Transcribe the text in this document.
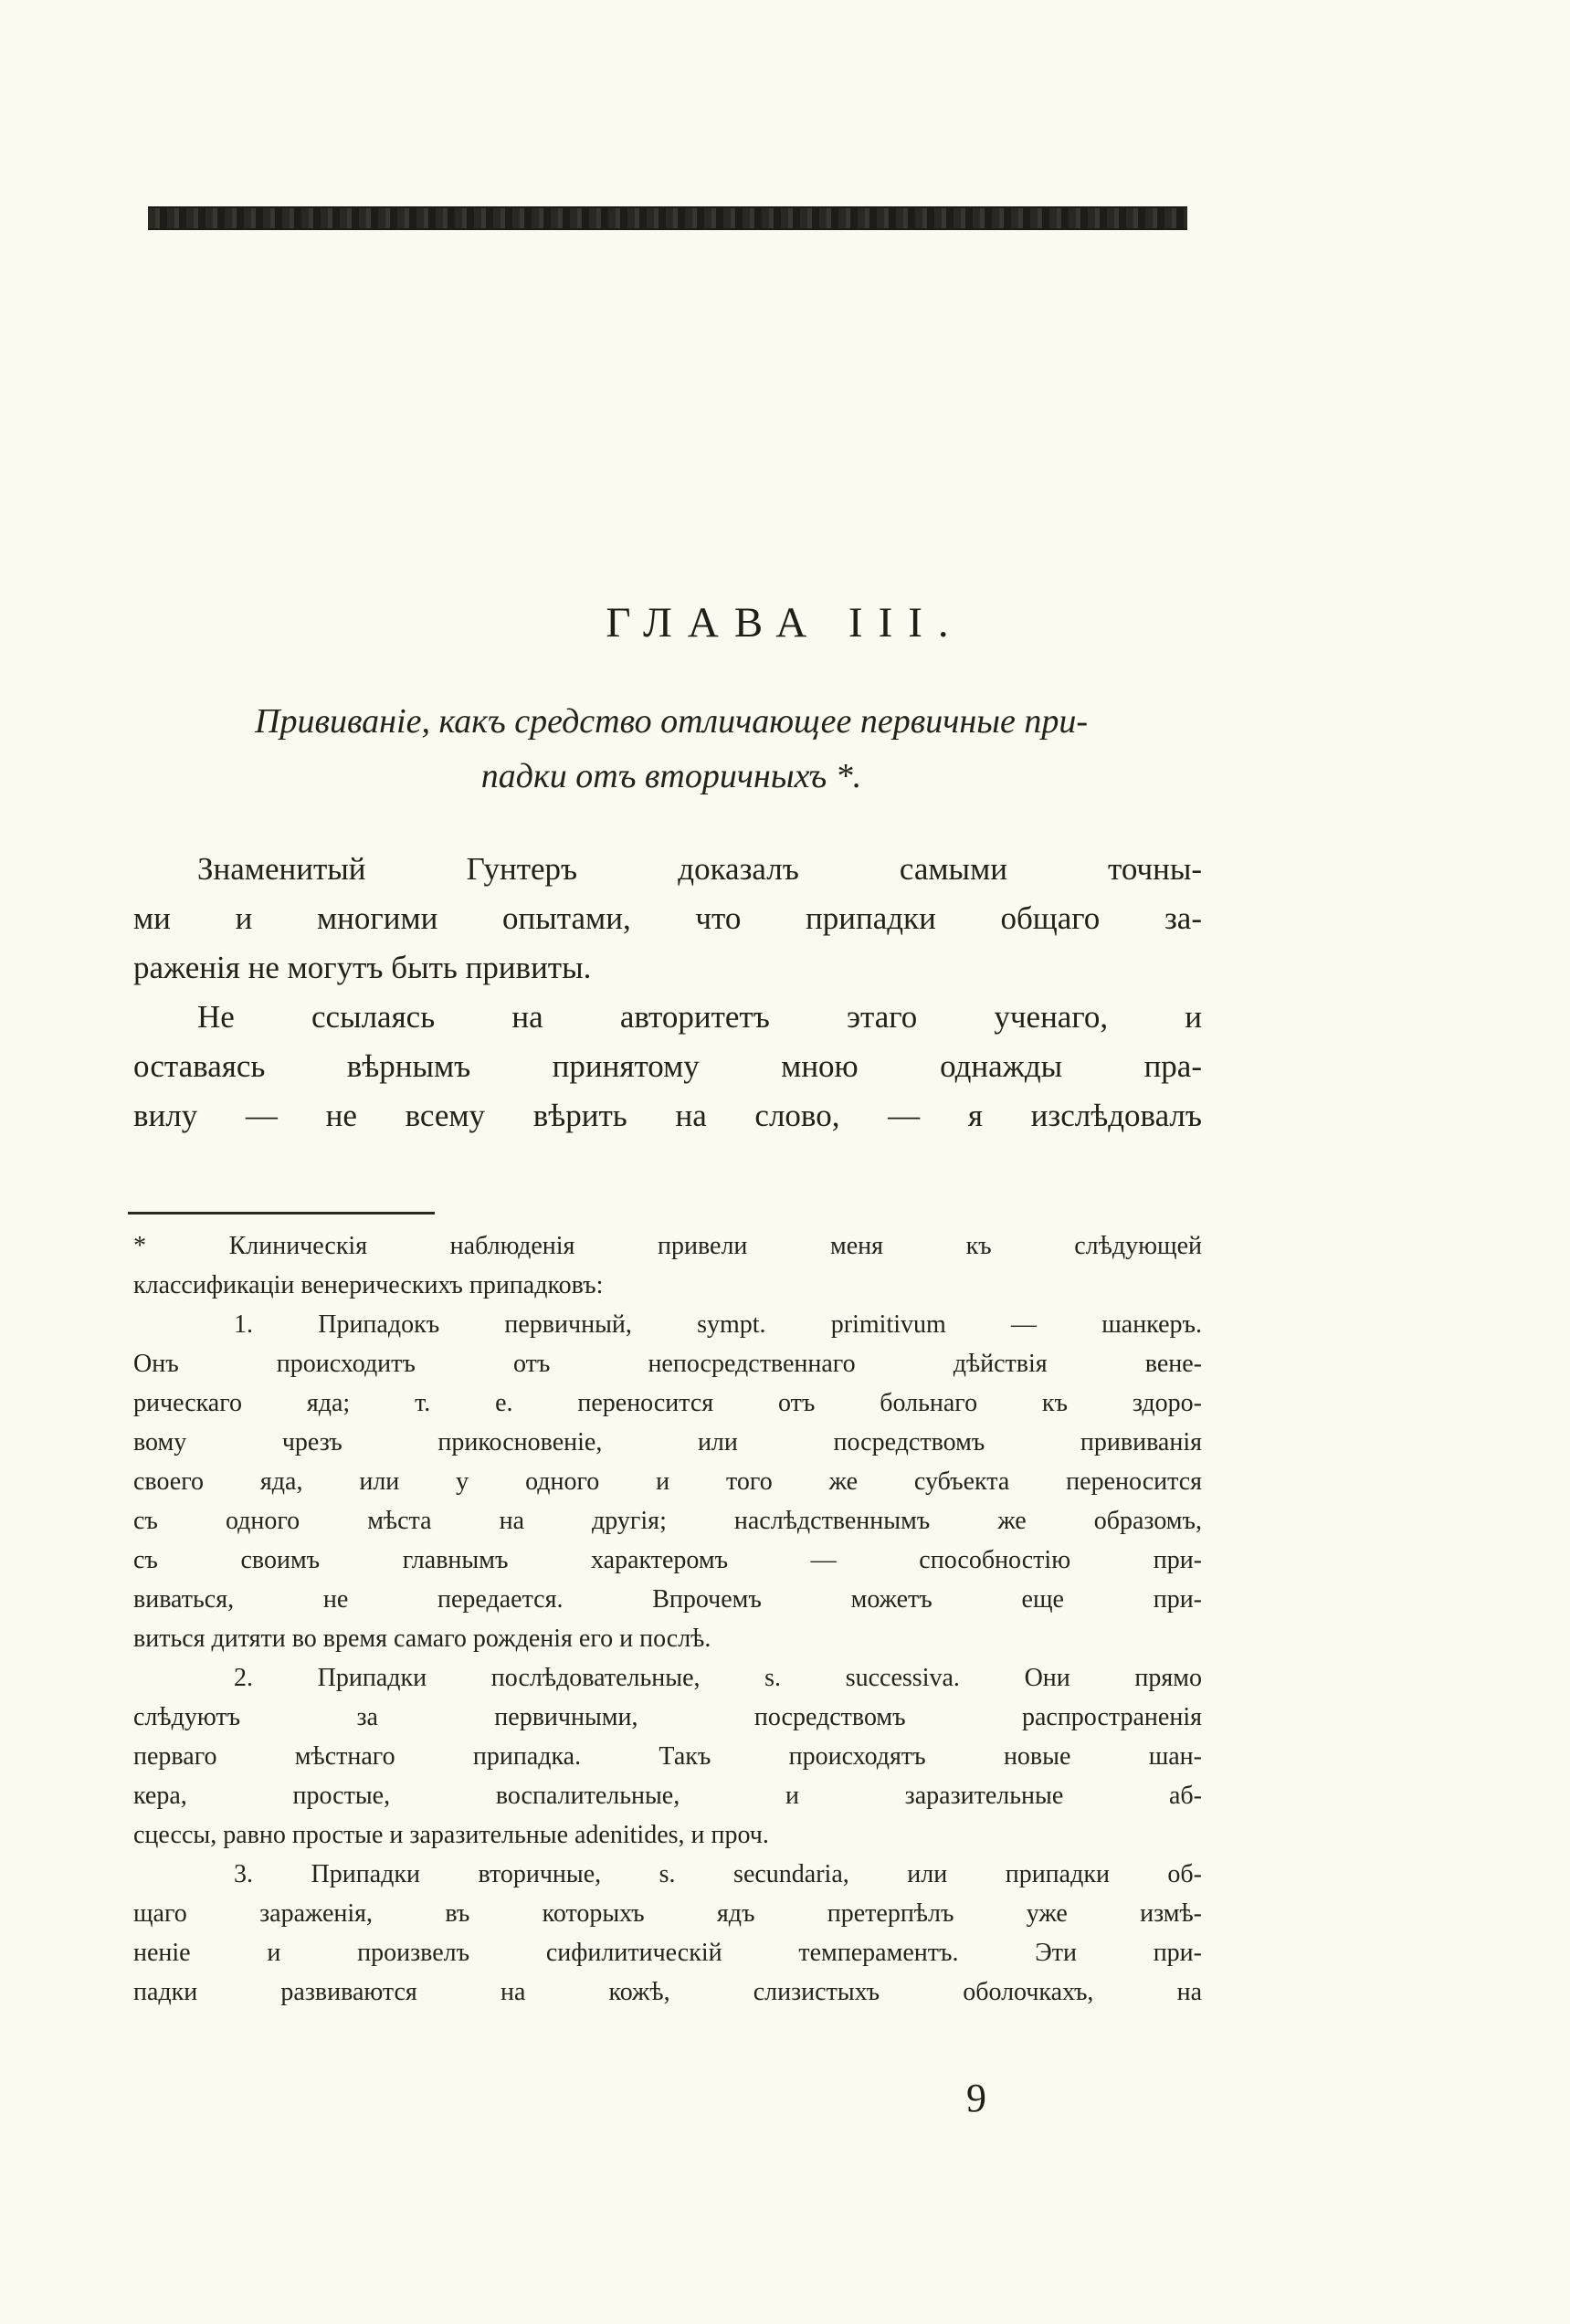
ГЛАВА III.
Прививаніе, какъ средство отличающее первичные при-
падки отъ вторичныхъ *.
Знаменитый Гунтеръ доказалъ самыми точны-
ми и многими опытами, что припадки общаго за-
раженія не могутъ быть привиты.
Не ссылаясь на авторитетъ этаго ученаго, и
оставаясь вѣрнымъ принятому мною однажды пра-
вилу — не всему вѣрить на слово, — я изслѣдовалъ
* Клиническія наблюденія привели меня къ слѣдующей
классификаціи венерическихъ припадковъ:
1. Припадокъ первичный, sympt. primitivum — шанкеръ.
Онъ происходитъ отъ непосредственнаго дѣйствія вене-
рическаго яда; т. е. переносится отъ больнаго къ здоро-
вому чрезъ прикосновеніе, или посредствомъ прививанія
своего яда, или у одного и того же субъекта переносится
съ одного мѣста на другія; наслѣдственнымъ же образомъ,
съ своимъ главнымъ характеромъ — способностію при-
виваться, не передается. Впрочемъ можетъ еще при-
виться дитяти во время самаго рожденія его и послѣ.
2. Припадки послѣдовательные, s. successiva. Они прямо
слѣдуютъ за первичными, посредствомъ распространенія
перваго мѣстнаго припадка. Такъ происходятъ новые шан-
кера, простые, воспалительные, и заразительные аб-
сцессы, равно простые и заразительные adenitides, и проч.
3. Припадки вторичные, s. secundaria, или припадки об-
щаго зараженія, въ которыхъ ядъ претерпѣлъ уже измѣ-
неніе и произвелъ сифилитическій темпераментъ. Эти при-
падки развиваются на кожѣ, слизистыхъ оболочкахъ, на
9
